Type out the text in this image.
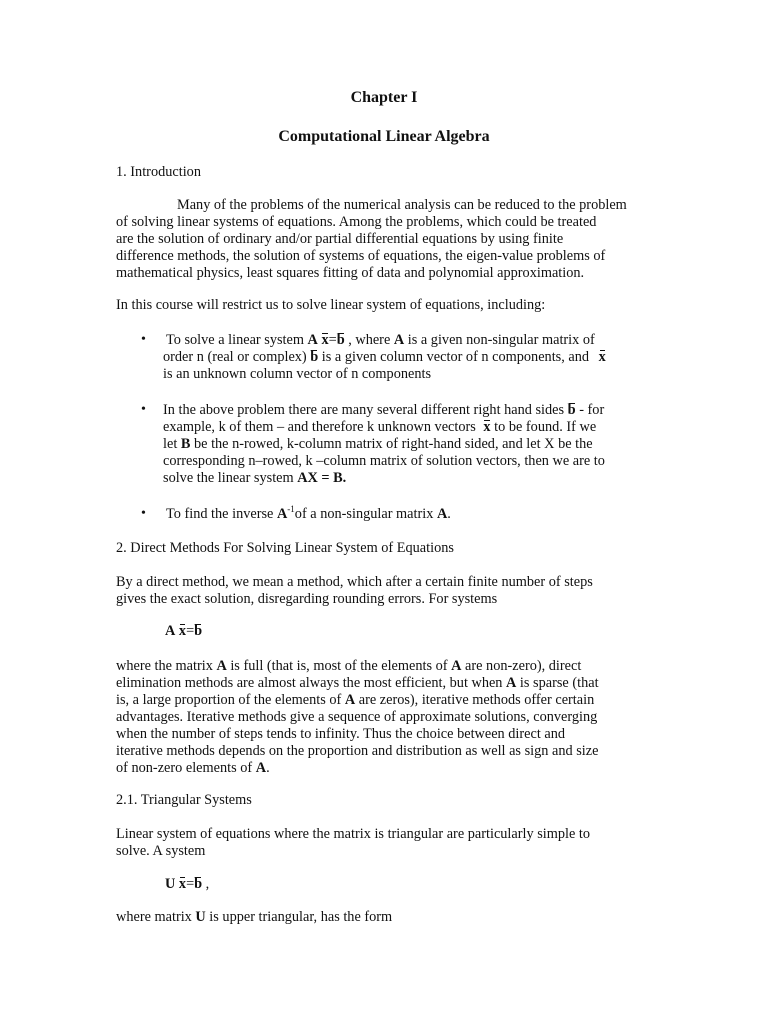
Chapter I
Computational Linear Algebra
1. Introduction
Many of the problems of the numerical analysis can be reduced to the problem
of solving linear systems of equations. Among the problems, which could be treated
are the solution of ordinary and/or partial differential equations by using finite
difference methods, the solution of systems of equations, the eigen-value problems of
mathematical physics, least squares fitting of data and polynomial approximation.
In this course will restrict us to solve linear system of equations, including:
• To solve a linear system A x=b , where A is a given non-singular matrix of
order n (real or complex) b is a given column vector of n components, and x
is an unknown column vector of n components
• In the above problem there are many several different right hand sides b - for
example, k of them – and therefore k unknown vectors x to be found. If we
let B be the n-rowed, k-column matrix of right-hand sided, and let X be the
corresponding n–rowed, k –column matrix of solution vectors, then we are to
solve the linear system AX = B.
• To find the inverse $A^{-1}of$ a non-singular matrix A.
2. Direct Methods For Solving Linear System of Equations
By a direct method, we mean a method, which after a certain finite number of steps
gives the exact solution, disregarding rounding errors. For systems
A x=b
where the matrix A is full (that is, most of the elements of A are non-zero), direct
elimination methods are almost always the most efficient, but when A is sparse (that
is, a large proportion of the elements of A are zeros), iterative methods offer certain
advantages. Iterative methods give a sequence of approximate solutions, converging
when the number of steps tends to infinity. Thus the choice between direct and
iterative methods depends on the proportion and distribution as well as sign and size
of non-zero elements of A.
2.1. Triangular Systems
Linear system of equations where the matrix is triangular are particularly simple to
solve. A system
U x=b ,
where matrix U is upper triangular, has the form
